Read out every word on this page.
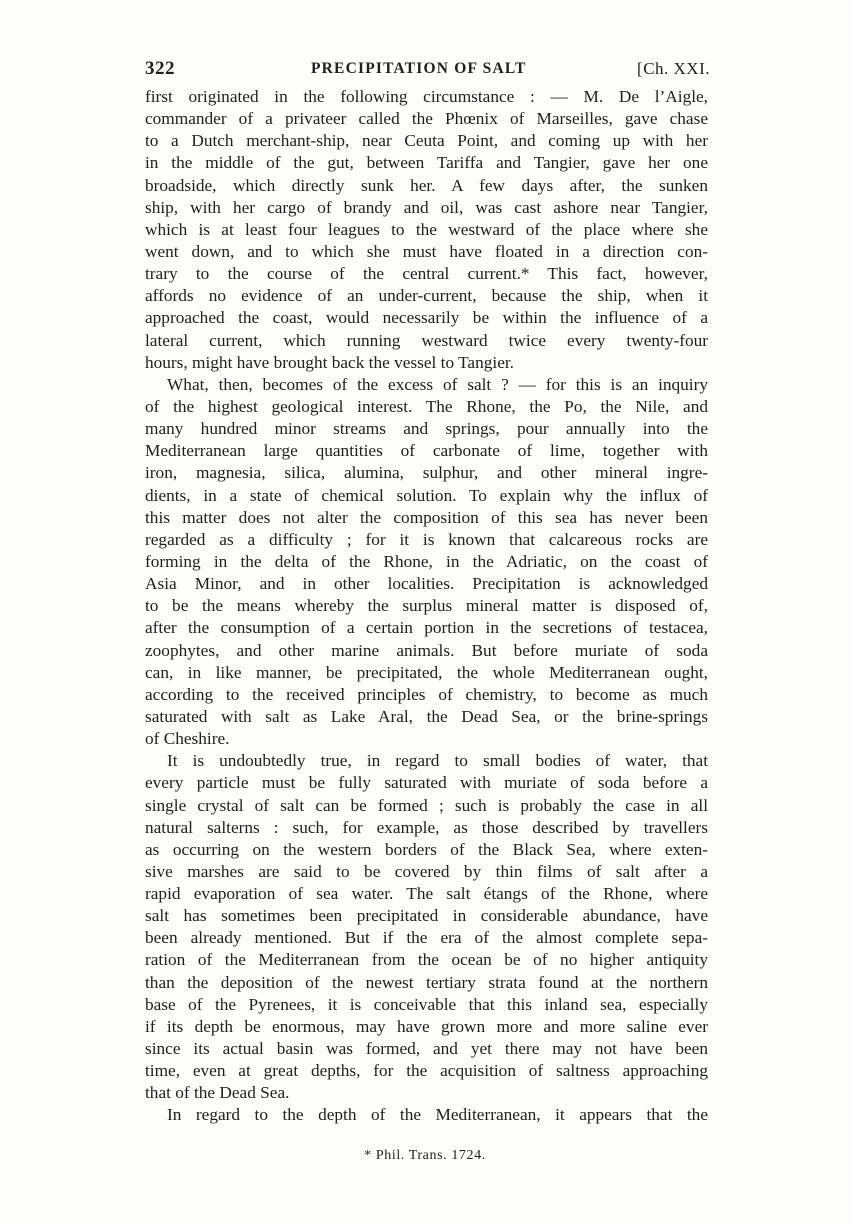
322	PRECIPITATION OF SALT	[Ch. XXI.
first originated in the following circumstance : — M. De l’Aigle,
commander of a privateer called the Phœnix of Marseilles, gave chase
to a Dutch merchant-ship, near Ceuta Point, and coming up with her
in the middle of the gut, between Tariffa and Tangier, gave her one
broadside, which directly sunk her. A few days after, the sunken
ship, with her cargo of brandy and oil, was cast ashore near Tangier,
which is at least four leagues to the westward of the place where she
went down, and to which she must have floated in a direction con-
trary to the course of the central current.* This fact, however,
affords no evidence of an under-current, because the ship, when it
approached the coast, would necessarily be within the influence of a
lateral current, which running westward twice every twenty-four
hours, might have brought back the vessel to Tangier.
What, then, becomes of the excess of salt ? — for this is an inquiry
of the highest geological interest. The Rhone, the Po, the Nile, and
many hundred minor streams and springs, pour annually into the
Mediterranean large quantities of carbonate of lime, together with
iron, magnesia, silica, alumina, sulphur, and other mineral ingre-
dients, in a state of chemical solution. To explain why the influx of
this matter does not alter the composition of this sea has never been
regarded as a difficulty ; for it is known that calcareous rocks are
forming in the delta of the Rhone, in the Adriatic, on the coast of
Asia Minor, and in other localities. Precipitation is acknowledged
to be the means whereby the surplus mineral matter is disposed of,
after the consumption of a certain portion in the secretions of testacea,
zoophytes, and other marine animals. But before muriate of soda
can, in like manner, be precipitated, the whole Mediterranean ought,
according to the received principles of chemistry, to become as much
saturated with salt as Lake Aral, the Dead Sea, or the brine-springs
of Cheshire.
It is undoubtedly true, in regard to small bodies of water, that
every particle must be fully saturated with muriate of soda before a
single crystal of salt can be formed ; such is probably the case in all
natural salterns : such, for example, as those described by travellers
as occurring on the western borders of the Black Sea, where exten-
sive marshes are said to be covered by thin films of salt after a
rapid evaporation of sea water. The salt étangs of the Rhone, where
salt has sometimes been precipitated in considerable abundance, have
been already mentioned. But if the era of the almost complete sepa-
ration of the Mediterranean from the ocean be of no higher antiquity
than the deposition of the newest tertiary strata found at the northern
base of the Pyrenees, it is conceivable that this inland sea, especially
if its depth be enormous, may have grown more and more saline ever
since its actual basin was formed, and yet there may not have been
time, even at great depths, for the acquisition of saltness approaching
that of the Dead Sea.
In regard to the depth of the Mediterranean, it appears that the
* Phil. Trans. 1724.
